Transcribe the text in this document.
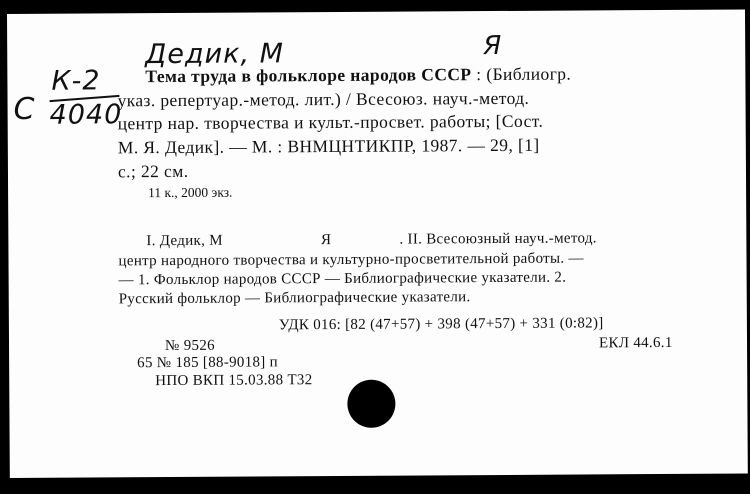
Дедик, М	Я
С
К-2
4040
Тема труда в фольклоре народов СССР : (Библиогр.
указ. репертуар.-метод. лит.) / Всесоюз. науч.-метод.
центр нар. творчества и культ.-просвет. работы; [Сост.
М. Я. Дедик]. — М. : ВНМЦНТИКПР, 1987. — 29, [1]
с.; 22 см.
11 к., 2000 экз.
I. Дедик, М	Я	. II. Всесоюзный науч.-метод.
центр народного творчества и культурно-просветительной работы. —
— 1. Фольклор народов СССР — Библиографические указатели. 2.
Русский фольклор — Библиографические указатели.
УДК 016: [82 (47+57) + 398 (47+57) + 331 (0:82)]
№ 9526	ЕКЛ 44.6.1
65 № 185 [88-9018] п
НПО ВКП 15.03.88 Т32
